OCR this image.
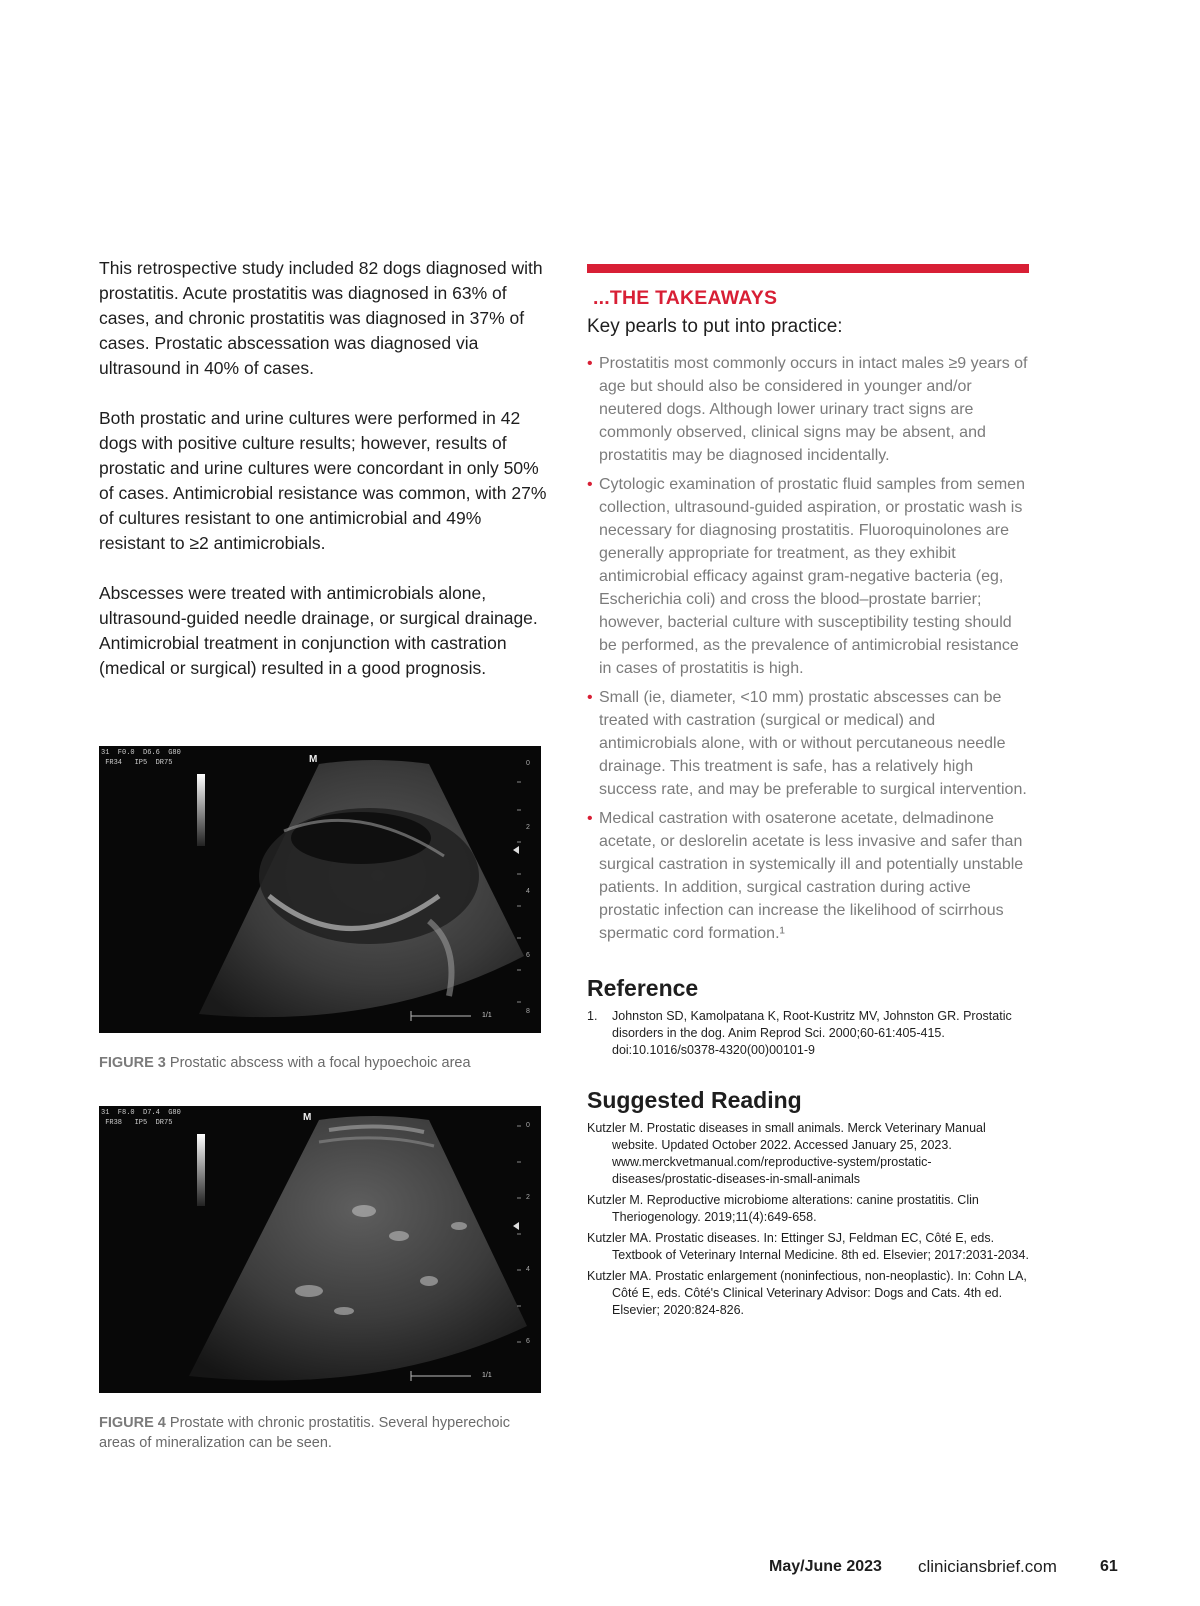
This retrospective study included 82 dogs diagnosed with prostatitis. Acute prostatitis was diagnosed in 63% of cases, and chronic prostatitis was diagnosed in 37% of cases. Prostatic abscessation was diagnosed via ultrasound in 40% of cases.

Both prostatic and urine cultures were performed in 42 dogs with positive culture results; however, results of prostatic and urine cultures were concordant in only 50% of cases. Antimicrobial resistance was common, with 27% of cultures resistant to one antimicrobial and 49% resistant to ≥2 antimicrobials.

Abscesses were treated with antimicrobials alone, ultrasound-guided needle drainage, or surgical drainage. Antimicrobial treatment in conjunction with castration (medical or surgical) resulted in a good prognosis.

31  F0.0  D6.6  G80
FR34   IP5  DR75	M	0
2
4
6
8
1/1
FIGURE 3 Prostatic abscess with a focal hypoechoic area
31  F8.0  D7.4  G80
FR38   IP5  DR75	M
0
2
4
6
1/1
FIGURE 4 Prostate with chronic prostatitis. Several hyperechoic areas of mineralization can be seen.
...THE TAKEAWAYS
Key pearls to put into practice:
• Prostatitis most commonly occurs in intact males ≥9 years of age but should also be considered in younger and/or neutered dogs. Although lower urinary tract signs are commonly observed, clinical signs may be absent, and prostatitis may be diagnosed incidentally.
• Cytologic examination of prostatic fluid samples from semen collection, ultrasound-guided aspiration, or prostatic wash is necessary for diagnosing prostatitis. Fluoroquinolones are generally appropriate for treatment, as they exhibit antimicrobial efficacy against gram-negative bacteria (eg, Escherichia coli) and cross the blood–prostate barrier; however, bacterial culture with susceptibility testing should be performed, as the prevalence of antimicrobial resistance in cases of prostatitis is high.
• Small (ie, diameter, <10 mm) prostatic abscesses can be treated with castration (surgical or medical) and antimicrobials alone, with or without percutaneous needle drainage. This treatment is safe, has a relatively high success rate, and may be preferable to surgical intervention.
• Medical castration with osaterone acetate, delmadinone acetate, or deslorelin acetate is less invasive and safer than surgical castration in systemically ill and potentially unstable patients. In addition, surgical castration during active prostatic infection can increase the likelihood of scirrhous spermatic cord formation.¹
Reference
1. Johnston SD, Kamolpatana K, Root-Kustritz MV, Johnston GR. Prostatic disorders in the dog. Anim Reprod Sci. 2000;60-61:405-415. doi:10.1016/s0378-4320(00)00101-9
Suggested Reading
Kutzler M. Prostatic diseases in small animals. Merck Veterinary Manual website. Updated October 2022. Accessed January 25, 2023. www.merckvetmanual.com/reproductive-system/prostatic-diseases/prostatic-diseases-in-small-animals
Kutzler M. Reproductive microbiome alterations: canine prostatitis. Clin Theriogenology. 2019;11(4):649-658.
Kutzler MA. Prostatic diseases. In: Ettinger SJ, Feldman EC, Côté E, eds. Textbook of Veterinary Internal Medicine. 8th ed. Elsevier; 2017:2031-2034.
Kutzler MA. Prostatic enlargement (noninfectious, non-neoplastic). In: Cohn LA, Côté E, eds. Côté's Clinical Veterinary Advisor: Dogs and Cats. 4th ed. Elsevier; 2020:824-826.
May/June 2023 cliniciansbrief.com	61
